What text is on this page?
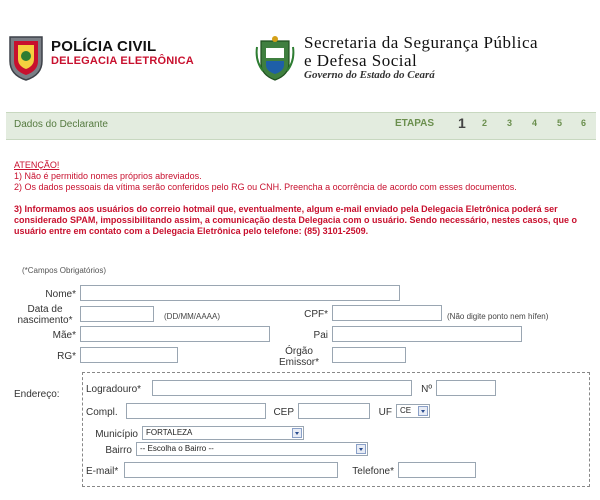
POLÍCIA CIVIL
DELEGACIA ELETRÔNICA
Secretaria da Segurança Pública
e Defesa Social
Governo do Estado do Ceará
Dados do Declarante	ETAPAS 1 2 3 4 5 6
ATENÇÃO!
1) Não é permitido nomes próprios abreviados.
2) Os dados pessoais da vítima serão conferidos pelo RG ou CNH. Preencha a ocorrência de acordo com esses documentos.
3) Informamos aos usuários do correio hotmail que, eventualmente, algum e-mail enviado pela Delegacia Eletrônica poderá ser considerado SPAM, impossibilitando assim, a comunicação desta Delegacia com o usuário. Sendo necessário, nestes casos, que o usuário entre em contato com a Delegacia Eletrônica pelo telefone: (85) 3101-2509.
(*Campos Obrigatórios)
Nome*
Data de
nascimento*	(DD/MM/AAAA)	CPF*	(Não digite ponto nem hífen)
Mãe*	Pai
RG*	Órgão
Emissor*
Endereço:	Logradouro*	Nº
Compl.	CEP	UF	CE
Município	FORTALEZA
Bairro	-- Escolha o Bairro --
E-mail*	Telefone*
